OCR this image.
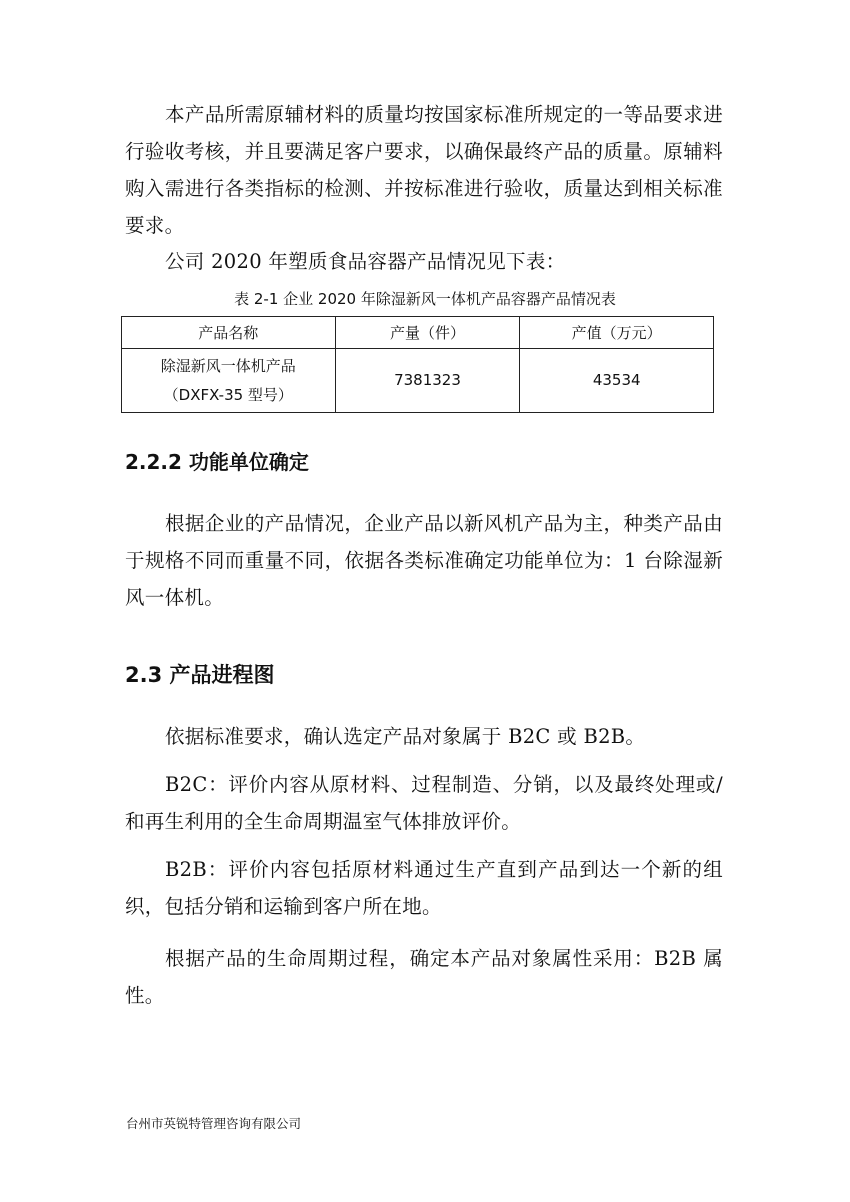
本产品所需原辅材料的质量均按国家标准所规定的一等品要求进行验收考核，并且要满足客户要求，以确保最终产品的质量。原辅料购入需进行各类指标的检测、并按标准进行验收，质量达到相关标准要求。

公司 2020 年塑质食品容器产品情况见下表：

表 2-1 企业 2020 年除湿新风一体机产品容器产品情况表
产品名称	产量（件）	产值（万元）

除湿新风一体机产品
（DXFX-35 型号）	7381323	43534
2.2.2 功能单位确定

根据企业的产品情况，企业产品以新风机产品为主，种类产品由于规格不同而重量不同，依据各类标准确定功能单位为：1 台除湿新风一体机。

2.3 产品进程图

依据标准要求，确认选定产品对象属于 B2C 或 B2B。

B2C：评价内容从原材料、过程制造、分销，以及最终处理或/和再生利用的全生命周期温室气体排放评价。

B2B：评价内容包括原材料通过生产直到产品到达一个新的组织，包括分销和运输到客户所在地。

根据产品的生命周期过程，确定本产品对象属性采用：B2B 属性。

台州市英锐特管理咨询有限公司
